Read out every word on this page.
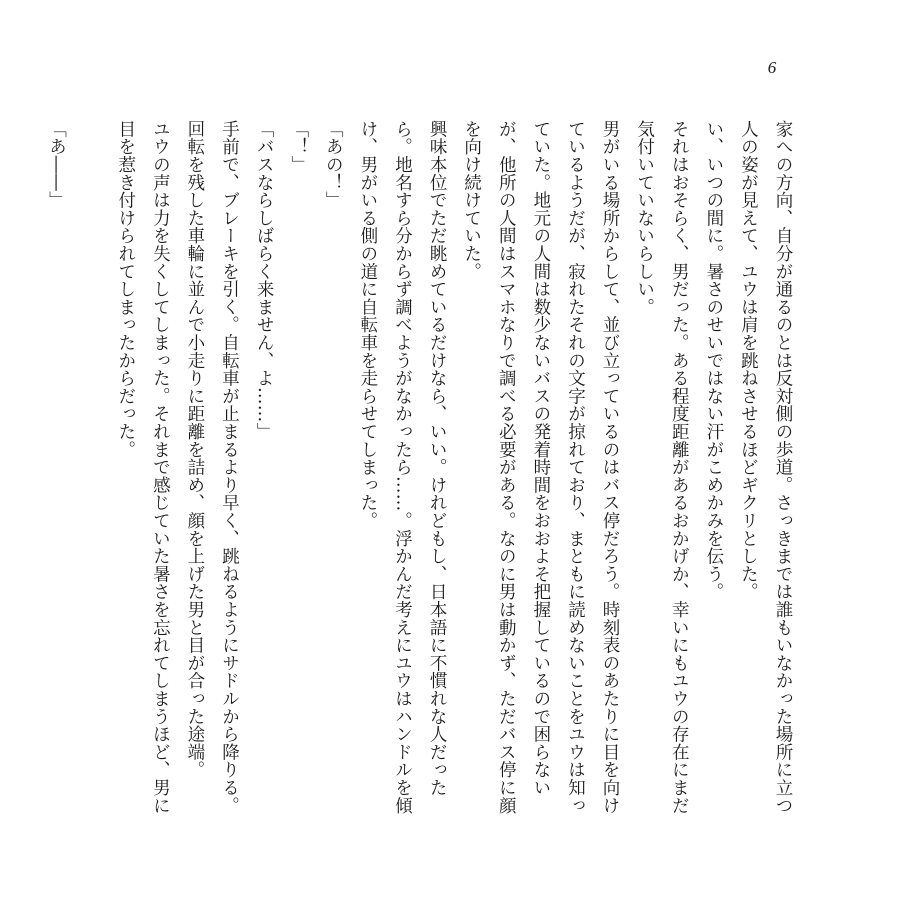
6

家への方向、自分が通るのとは反対側の歩道。さっきまでは誰もいなかった場所に立つ人の姿が見えて、ユウは肩を跳ねさせるほどギクリとした。

い、いつの間に。暑さのせいではない汗がこめかみを伝う。

それはおそらく、男だった。ある程度距離があるおかげか、幸いにもユウの存在にまだ気付いていないらしい。

男がいる場所からして、並び立っているのはバス停だろう。時刻表のあたりに目を向けているようだが、寂れたそれの文字が掠れており、まともに読めないことをユウは知っていた。地元の人間は数少ないバスの発着時間をおおよそ把握しているので困らないが、他所の人間はスマホなりで調べる必要がある。なのに男は動かず、ただバス停に顔を向け続けていた。

興味本位でただ眺めているだけなら、いい。けれどもし、日本語に不慣れな人だったら。地名すら分からず調べようがなかったら……。浮かんだ考えにユウはハンドルを傾け、男がいる側の道に自転車を走らせてしまった。

「あの！」

「！」

「バスならしばらく来ません、よ……」

手前で、ブレーキを引く。自転車が止まるより早く、跳ねるようにサドルから降りる。

回転を残した車輪に並んで小走りに距離を詰め、顔を上げた男と目が合った途端。

ユウの声は力を失くしてしまった。それまで感じていた暑さを忘れてしまうほど、男に目を惹き付けられてしまったからだった。

「あ――」
